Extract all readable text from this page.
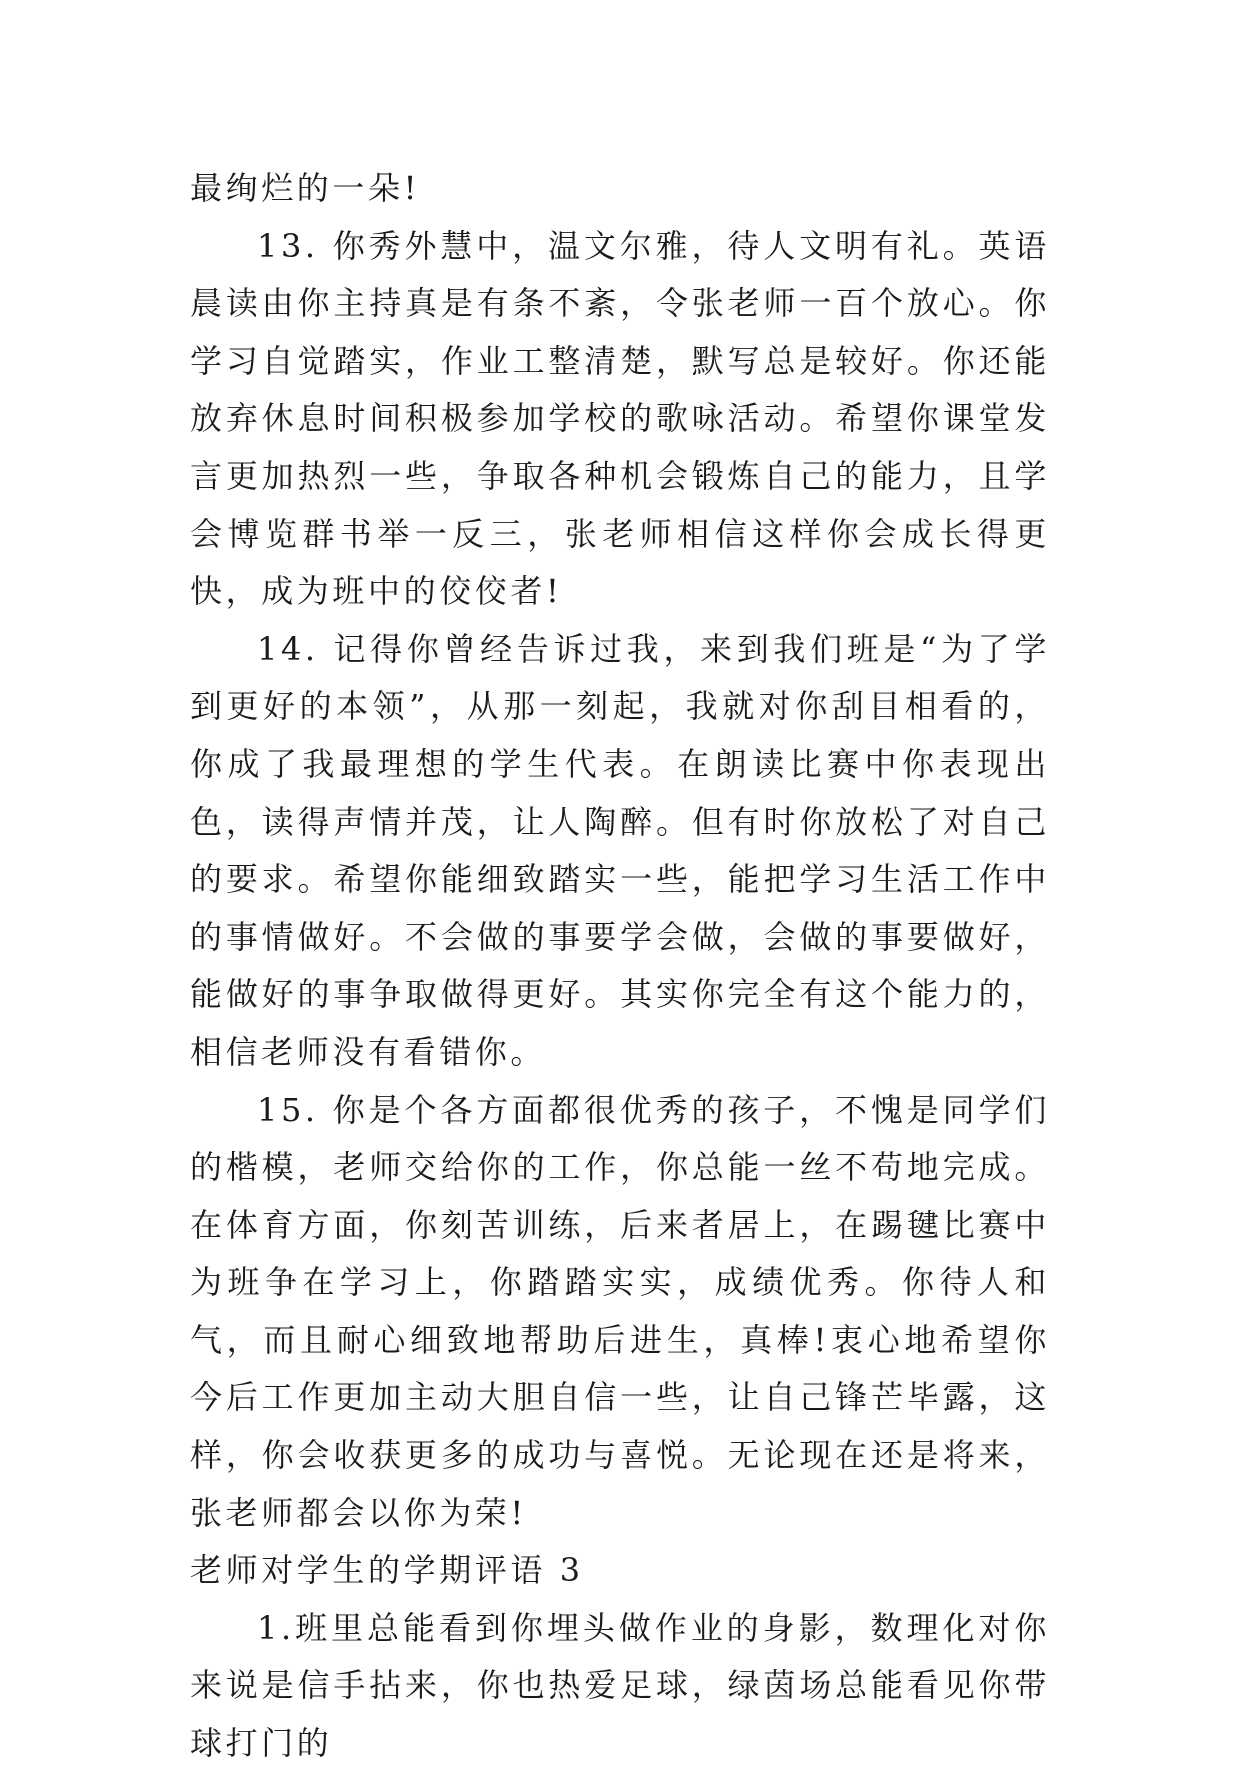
最绚烂的一朵!

13. 你秀外慧中，温文尔雅，待人文明有礼。英语晨读由你主持真是有条不紊，令张老师一百个放心。你学习自觉踏实，作业工整清楚，默写总是较好。你还能放弃休息时间积极参加学校的歌咏活动。希望你课堂发言更加热烈一些，争取各种机会锻炼自己的能力，且学会博览群书举一反三，张老师相信这样你会成长得更快，成为班中的佼佼者!

14. 记得你曾经告诉过我，来到我们班是“为了学到更好的本领”，从那一刻起，我就对你刮目相看的，你成了我最理想的学生代表。在朗读比赛中你表现出色，读得声情并茂，让人陶醉。但有时你放松了对自己的要求。希望你能细致踏实一些，能把学习生活工作中的事情做好。不会做的事要学会做，会做的事要做好，能做好的事争取做得更好。其实你完全有这个能力的，相信老师没有看错你。

15. 你是个各方面都很优秀的孩子，不愧是同学们的楷模，老师交给你的工作，你总能一丝不苟地完成。在体育方面，你刻苦训练，后来者居上，在踢毽比赛中为班争在学习上，你踏踏实实，成绩优秀。你待人和气，而且耐心细致地帮助后进生，真棒!衷心地希望你今后工作更加主动大胆自信一些，让自己锋芒毕露，这样，你会收获更多的成功与喜悦。无论现在还是将来，张老师都会以你为荣!

老师对学生的学期评语 3

1.班里总能看到你埋头做作业的身影，数理化对你来说是信手拈来，你也热爱足球，绿茵场总能看见你带球打门的
